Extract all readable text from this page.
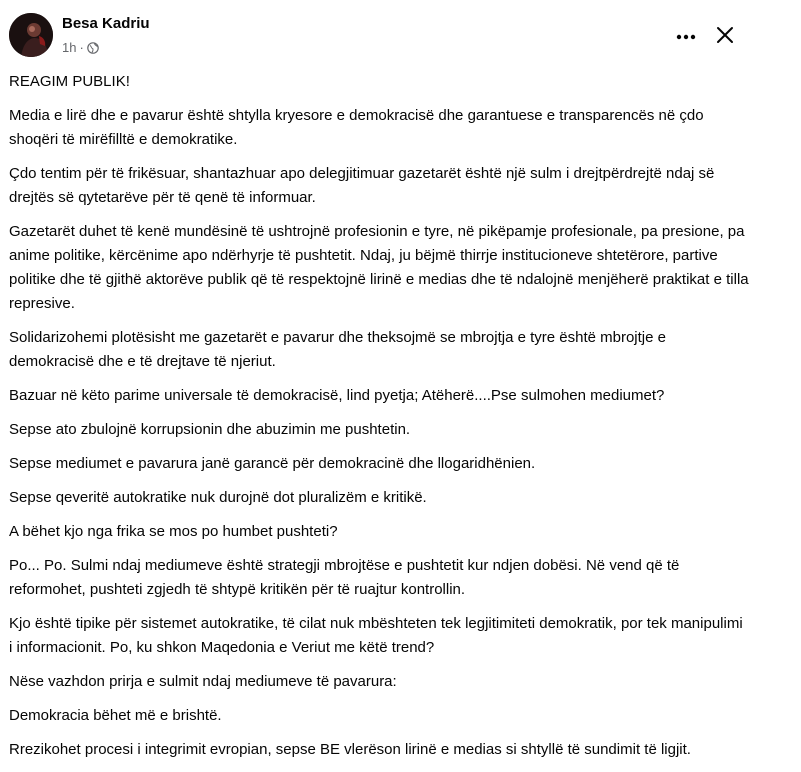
Besa Kadriu
1h ·

REAGIM PUBLIK!

Media e lirë dhe e pavarur është shtylla kryesore e demokracisë dhe garantuese e transparencës në çdo shoqëri të mirëfilltë e demokratike.

Çdo tentim për të frikësuar, shantazhuar apo delegjitimuar gazetarët është një sulm i drejtpërdrejtë ndaj së drejtës së qytetarëve për të qenë të informuar.

Gazetarët duhet të kenë mundësinë të ushtrojnë profesionin e tyre, në pikëpamje profesionale, pa presione, pa anime politike, kërcënime apo ndërhyrje të pushtetit. Ndaj, ju bëjmë thirrje institucioneve shtetërore, partive politike dhe të gjithë aktorëve publik që të respektojnë lirinë e medias dhe të ndalojnë menjëherë praktikat e tilla represive.

Solidarizohemi plotësisht me gazetarët e pavarur dhe theksojmë se mbrojtja e tyre është mbrojtje e demokracisë dhe e të drejtave të njeriut.

Bazuar në këto parime universale të demokracisë, lind pyetja; Atëherë....Pse sulmohen mediumet?

Sepse ato zbulojnë korrupsionin dhe abuzimin me pushtetin.

Sepse mediumet e pavarura janë garancë për demokracinë dhe llogaridhënien.

Sepse qeveritë autokratike nuk durojnë dot pluralizëm e kritikë.

A bëhet kjo nga frika se mos po humbet pushteti?

Po... Po. Sulmi ndaj mediumeve është strategji mbrojtëse e pushtetit kur ndjen dobësi. Në vend që të reformohet, pushteti zgjedh të shtypë kritikën për të ruajtur kontrollin.

Kjo është tipike për sistemet autokratike, të cilat nuk mbështeten tek legjitimiteti demokratik, por tek manipulimi i informacionit. Po, ku shkon Maqedonia e Veriut me këtë trend?

Nëse vazhdon prirja e sulmit ndaj mediumeve të pavarura:

Demokracia bëhet më e brishtë.

Rrezikohet procesi i integrimit evropian, sepse BE vlerëson lirinë e medias si shtyllë të sundimit të ligjit.
